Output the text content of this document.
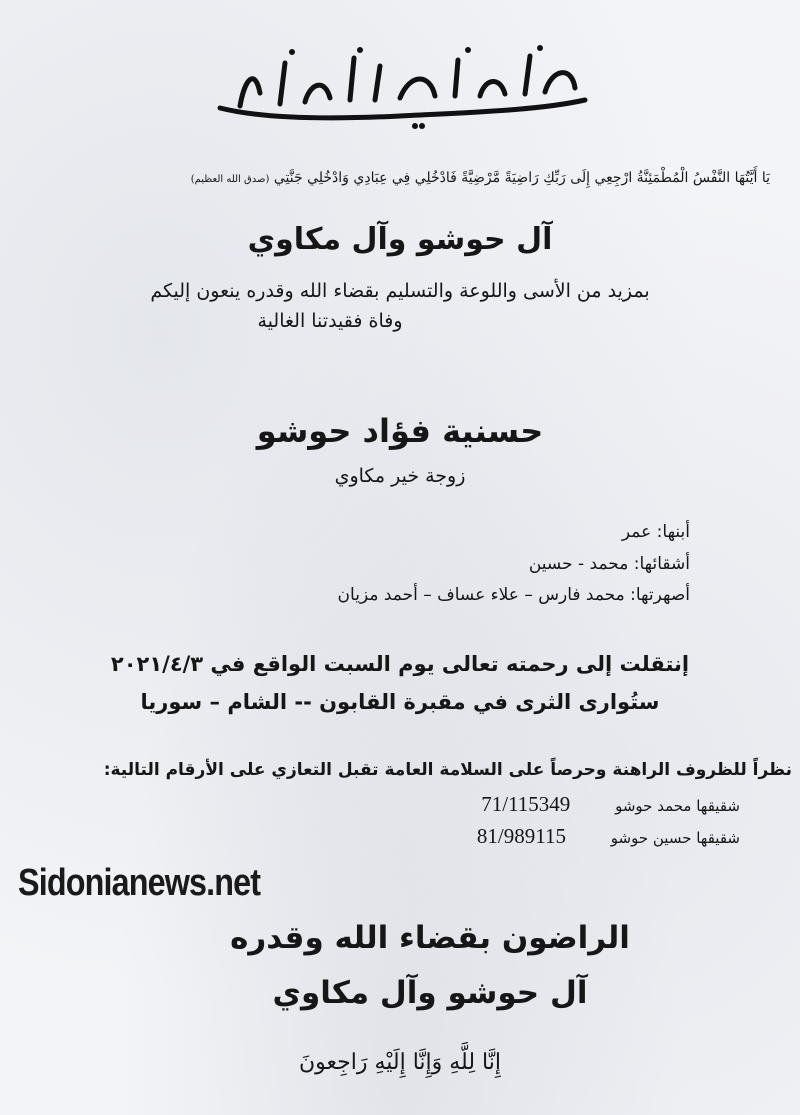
يَا أَيَّتُهَا النَّفْسُ الْمُطْمَئِنَّةُ ارْجِعِي إِلَى رَبِّكِ رَاضِيَةً مَّرْضِيَّةً فَادْخُلِي فِي عِبَادِي وَادْخُلِي جَنَّتِي (صدق الله العظيم)
آل حوشو وآل مكاوي
بمزيد من الأسى واللوعة والتسليم بقضاء الله وقدره ينعون إليكم
وفاة فقيدتنا الغالية
حسنية فؤاد حوشو
زوجة خير مكاوي
أبنها: عمر
أشقائها: محمد - حسين
أصهرتها: محمد فارس – علاء عساف – أحمد مزيان
إنتقلت إلى رحمته تعالى يوم السبت الواقع في ٢٠٢١/٤/٣
ستُوارى الثرى في مقبرة القابون -- الشام – سوريا
نظراً للظروف الراهنة وحرصاً على السلامة العامة تقبل التعازي على الأرقام التالية:
شقيقها محمد حوشو 71/115349
شقيقها حسين حوشو 81/989115
Sidonianews.net
الراضون بقضاء الله وقدره
آل حوشو وآل مكاوي
إِنَّا لِلَّهِ وَإِنَّا إِلَيْهِ رَاجِعونَ
